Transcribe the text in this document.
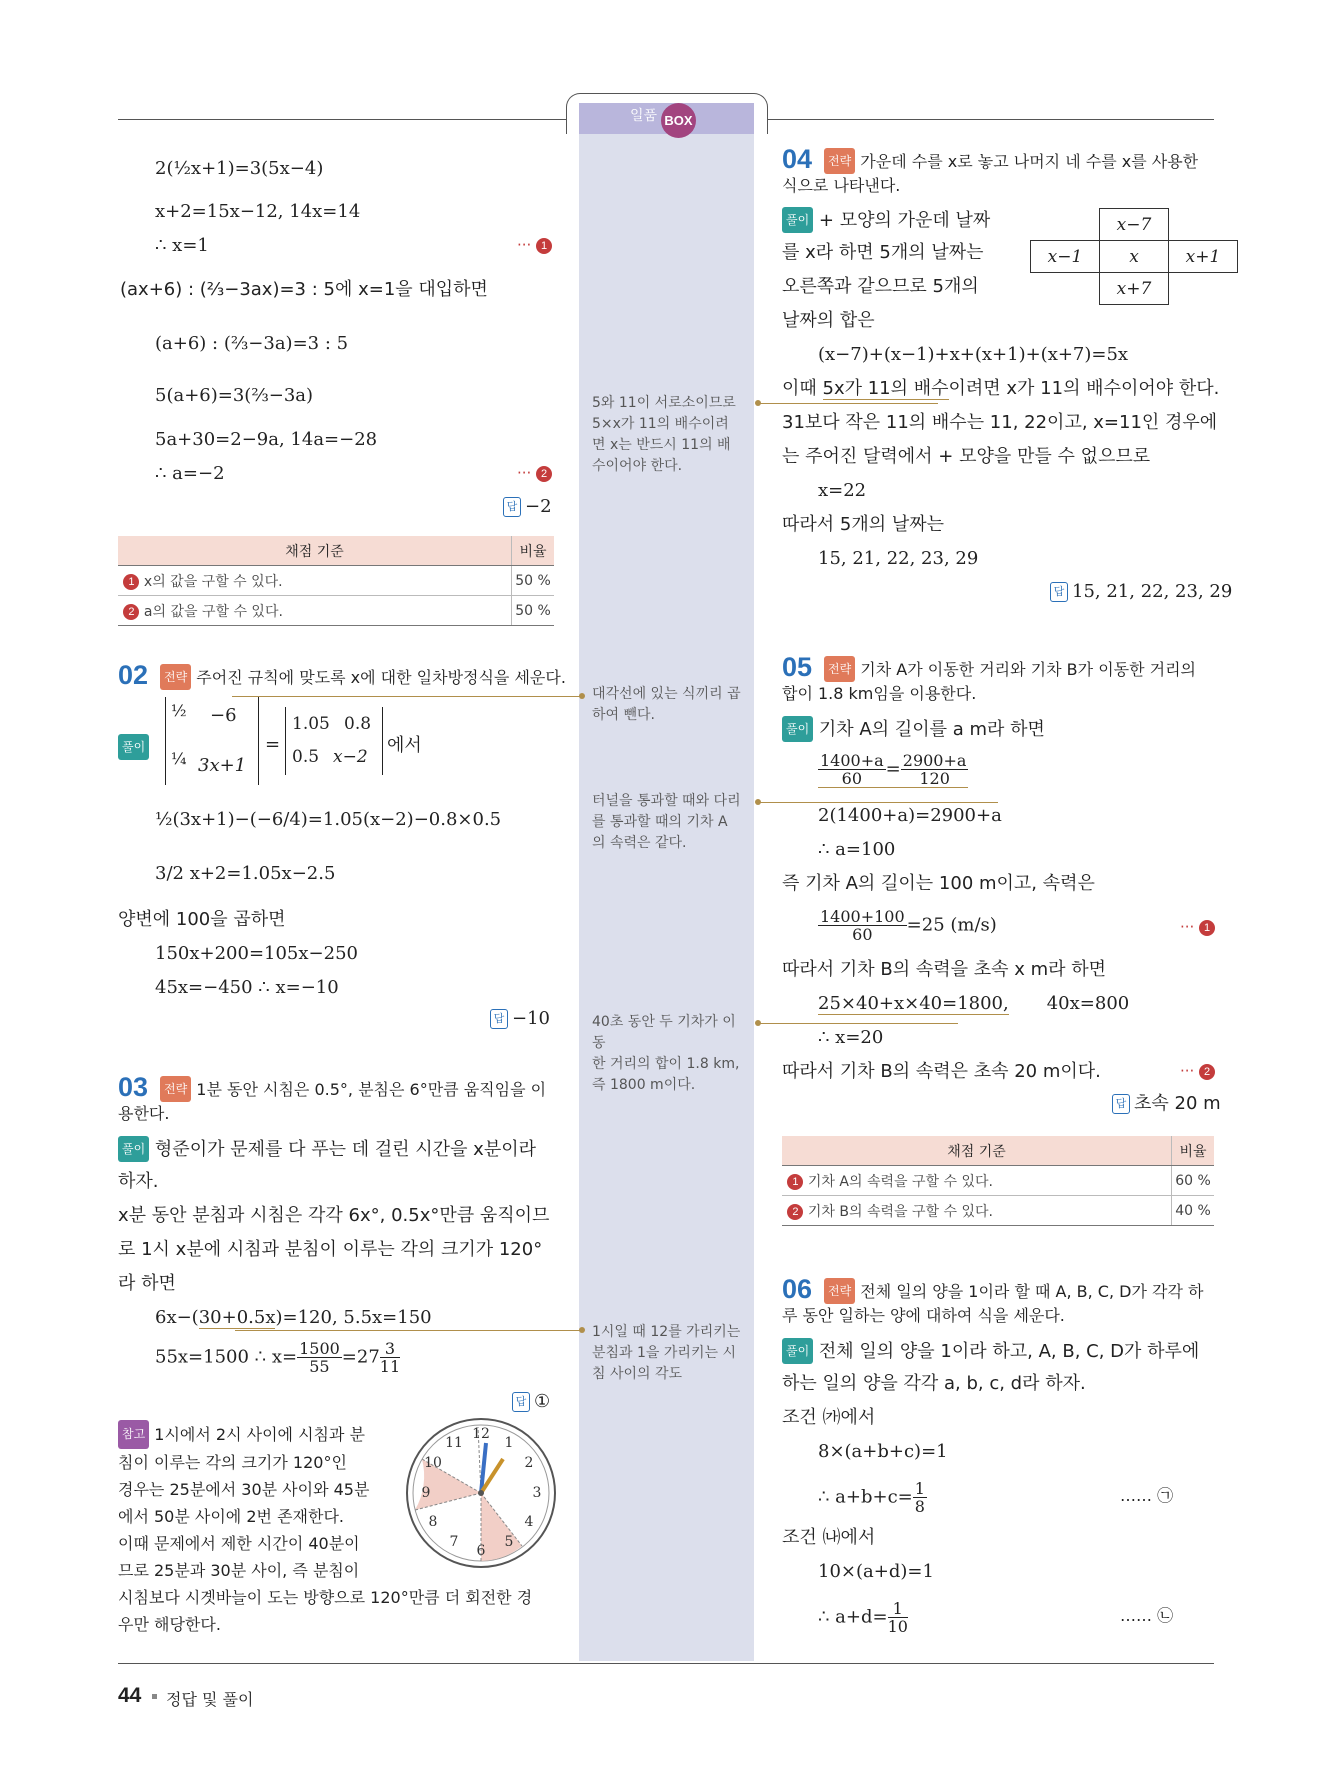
일품 BOX
2(½x+1)=3(5x−4)
x+2=15x−12, 14x=14
∴ x=1	··· 1
(ax+6) : (⅔−3ax)=3 : 5에 x=1을 대입하면
(a+6) : (⅔−3a)=3 : 5
5(a+6)=3(⅔−3a)
5a+30=2−9a, 14a=−28
∴ a=−2	··· 2
답 −2
채점 기준	비율
1 x의 값을 구할 수 있다.	50 %
2 a의 값을 구할 수 있다.	50 %
02	전략 주어진 규칙에 맞도록 x에 대한 일차방정식을 세운다.
풀이
½ −6
¼ 3x+1
=
1.05 0.8
0.5 x−2
에서
½(3x+1)−(−6/4)=1.05(x−2)−0.8×0.5
3/2 x+2=1.05x−2.5
양변에 100을 곱하면
150x+200=105x−250
45x=−450 ∴ x=−10
답 −10
03	전략 1분 동안 시침은 0.5°, 분침은 6°만큼 움직임을 이
용한다.
풀이 형준이가 문제를 다 푸는 데 걸린 시간을 x분이라
하자.
x분 동안 분침과 시침은 각각 6x°, 0.5x°만큼 움직이므
로 1시 x분에 시침과 분침이 이루는 각의 크기가 120°
라 하면
6x−(30+0.5x)=120, 5.5x=150
55x=1500 ∴ $x= \frac{1500}{55} =27 \frac{3}{11}$
답 ①
참고 1시에서 2시 사이에 시침과 분
침이 이루는 각의 크기가 120°인
경우는 25분에서 30분 사이와 45분
에서 50분 사이에 2번 존재한다.
이때 문제에서 제한 시간이 40분이
므로 25분과 30분 사이, 즉 분침이
시침보다 시곗바늘이 도는 방향으로 120°만큼 더 회전한 경
우만 해당한다.
12
1
2
3
4
5
6
7
8
9
10
11
5와 11이 서로소이므로
5×x가 11의 배수이려
면 x는 반드시 11의 배
수이어야 한다.
대각선에 있는 식끼리 곱
하여 뺀다.
터널을 통과할 때와 다리
를 통과할 때의 기차 A
의 속력은 같다.
40초 동안 두 기차가 이동
한 거리의 합이 1.8 km,
즉 1800 m이다.
1시일 때 12를 가리키는
분침과 1을 가리키는 시
침 사이의 각도
04	전략 가운데 수를 x로 놓고 나머지 네 수를 x를 사용한
식으로 나타낸다.
풀이 + 모양의 가운데 날짜
를 x라 하면 5개의 날짜는
오른쪽과 같으므로 5개의
날짜의 합은
	x−7	
x−1	x	x+1
	x+7	
(x−7)+(x−1)+x+(x+1)+(x+7)=5x
이때 5x가 11의 배수이려면 x가 11의 배수이어야 한다.
31보다 작은 11의 배수는 11, 22이고, x=11인 경우에
는 주어진 달력에서 + 모양을 만들 수 없으므로
x=22
따라서 5개의 날짜는
15, 21, 22, 23, 29
답 15, 21, 22, 23, 29
05	전략 기차 A가 이동한 거리와 기차 B가 이동한 거리의
합이 1.8 km임을 이용한다.
풀이 기차 A의 길이를 a m라 하면
$\frac{1400+a}{60} = \frac{2900+a}{120}$
2(1400+a)=2900+a
∴ a=100
즉 기차 A의 길이는 100 m이고, 속력은
$\frac{1400+100}{60} =25$ (m/s)	··· 1
따라서 기차 B의 속력을 초속 x m라 하면
25×40+x×40=1800, 40x=800
∴ x=20
따라서 기차 B의 속력은 초속 20 m이다.	··· 2
답 초속 20 m
채점 기준	비율
1 기차 A의 속력을 구할 수 있다.	60 %
2 기차 B의 속력을 구할 수 있다.	40 %
06	전략 전체 일의 양을 1이라 할 때 A, B, C, D가 각각 하
루 동안 일하는 양에 대하여 식을 세운다.
풀이 전체 일의 양을 1이라 하고, A, B, C, D가 하루에
하는 일의 양을 각각 a, b, c, d라 하자.
조건 ㈎에서
8×(a+b+c)=1
∴ $a+b+c= \frac{1}{8}$	…… ㉠
조건 ㈏에서
10×(a+d)=1
∴ $a+d= \frac{1}{10}$	…… ㉡
44 정답 및 풀이
